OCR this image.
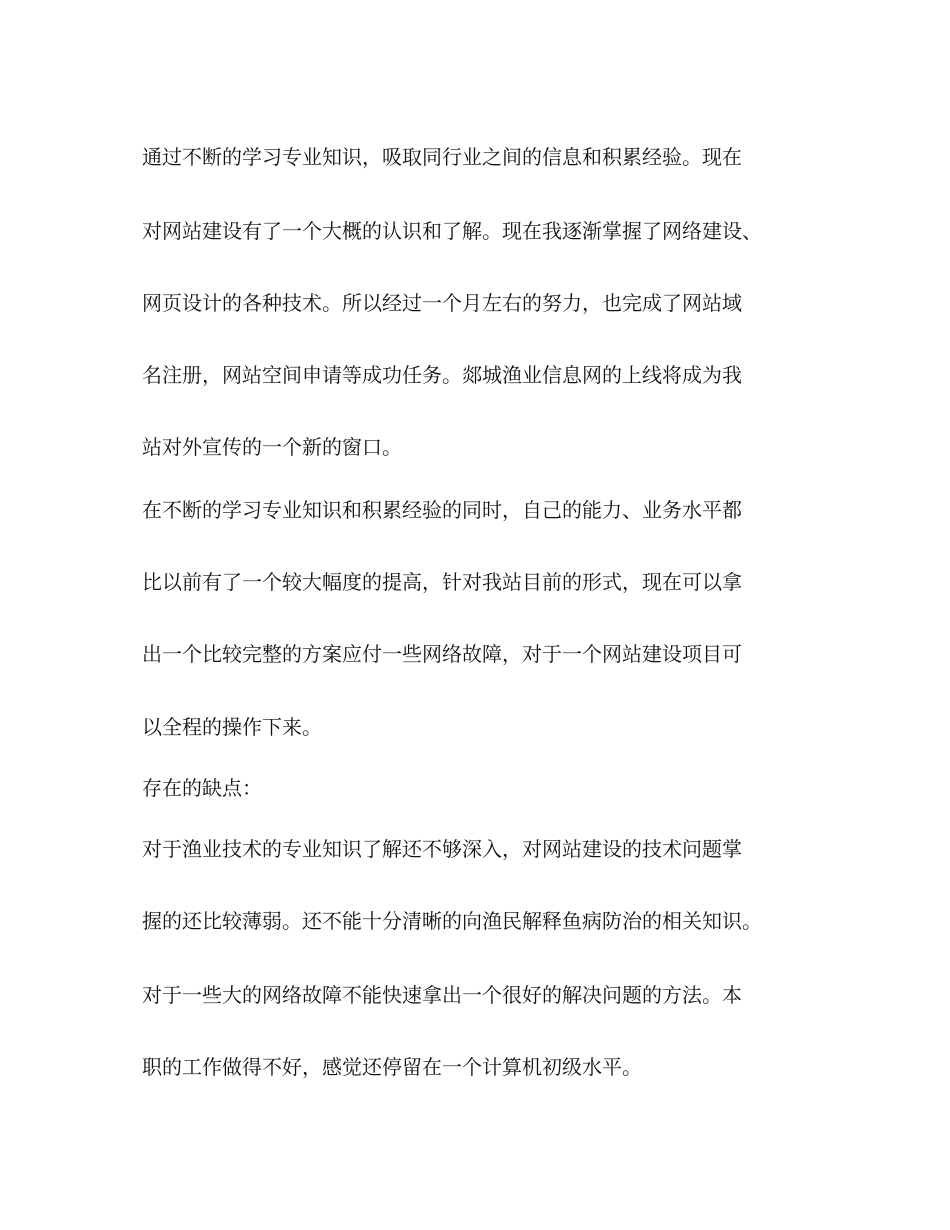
通过不断的学习专业知识，吸取同行业之间的信息和积累经验。现在

对网站建设有了一个大概的认识和了解。现在我逐渐掌握了网络建设、

网页设计的各种技术。所以经过一个月左右的努力，也完成了网站域

名注册，网站空间申请等成功任务。郯城渔业信息网的上线将成为我

站对外宣传的一个新的窗口。

在不断的学习专业知识和积累经验的同时，自己的能力、业务水平都

比以前有了一个较大幅度的提高，针对我站目前的形式，现在可以拿

出一个比较完整的方案应付一些网络故障，对于一个网站建设项目可

以全程的操作下来。

存在的缺点：

对于渔业技术的专业知识了解还不够深入，对网站建设的技术问题掌

握的还比较薄弱。还不能十分清晰的向渔民解释鱼病防治的相关知识。

对于一些大的网络故障不能快速拿出一个很好的解决问题的方法。本

职的工作做得不好，感觉还停留在一个计算机初级水平。
